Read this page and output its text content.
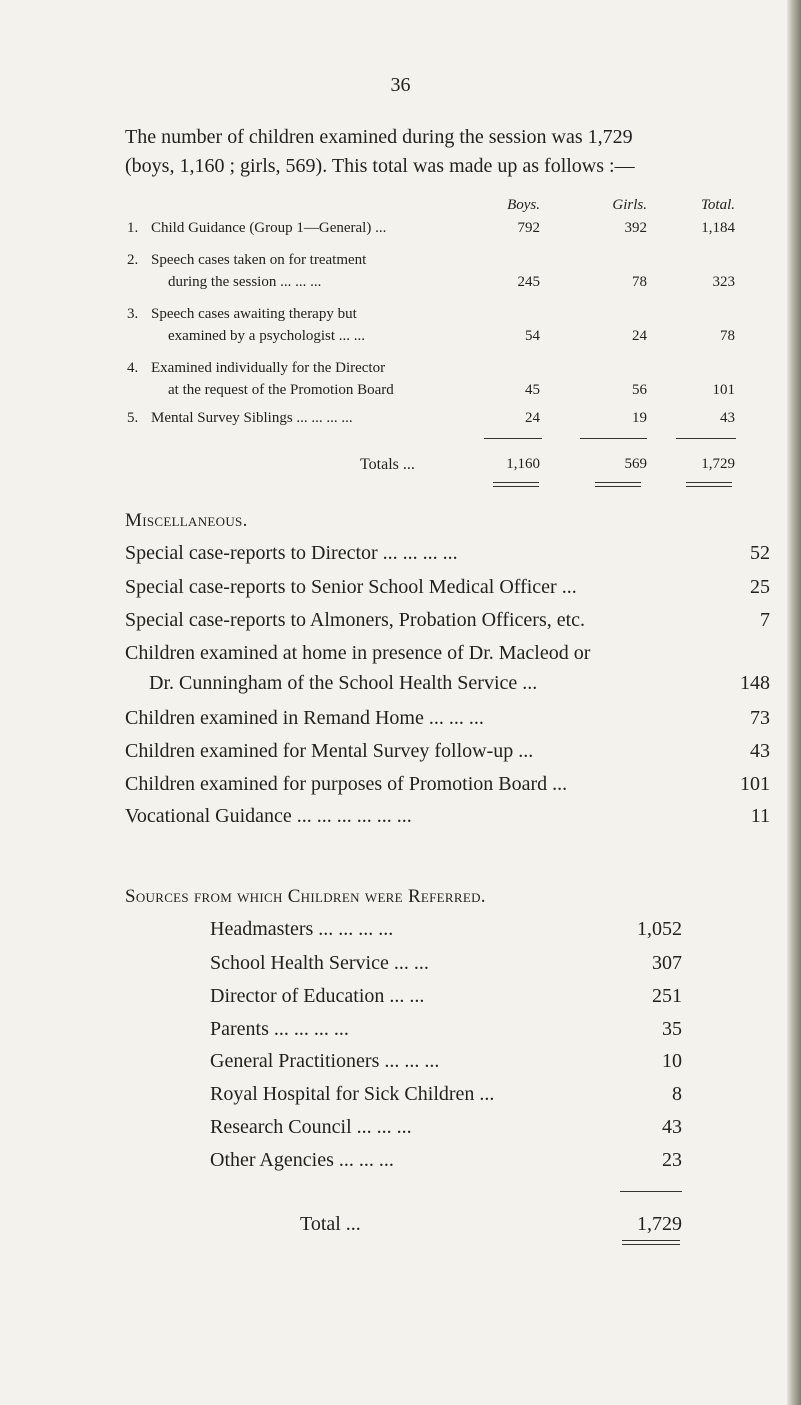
36
The number of children examined during the session was 1,729
(boys, 1,160 ; girls, 569). This total was made up as follows :—
Boys.	Girls.	Total.
1. Child Guidance (Group 1—General) ...	792	392	1,184
2. Speech cases taken on for treatment
during the session ... ... ...	245	78	323
3. Speech cases awaiting therapy but
examined by a psychologist ... ...	54	24	78
4. Examined individually for the Director
at the request of the Promotion Board	45	56	101
5. Mental Survey Siblings ... ... ... ...	24	19	43
Totals ...	1,160	569	1,729
Miscellaneous.
Special case-reports to Director ... ... ... ...	52
Special case-reports to Senior School Medical Officer ...	25
Special case-reports to Almoners, Probation Officers, etc.	7
Children examined at home in presence of Dr. Macleod or
Dr. Cunningham of the School Health Service ...	148
Children examined in Remand Home ... ... ...	73
Children examined for Mental Survey follow-up ...	43
Children examined for purposes of Promotion Board ...	101
Vocational Guidance ... ... ... ... ... ...	11
Sources from which Children were Referred.
Headmasters ... ... ... ...	1,052
School Health Service ... ...	307
Director of Education ... ...	251
Parents ... ... ... ...	35
General Practitioners ... ... ...	10
Royal Hospital for Sick Children ...	8
Research Council ... ... ...	43
Other Agencies ... ... ...	23
Total ...	1,729
